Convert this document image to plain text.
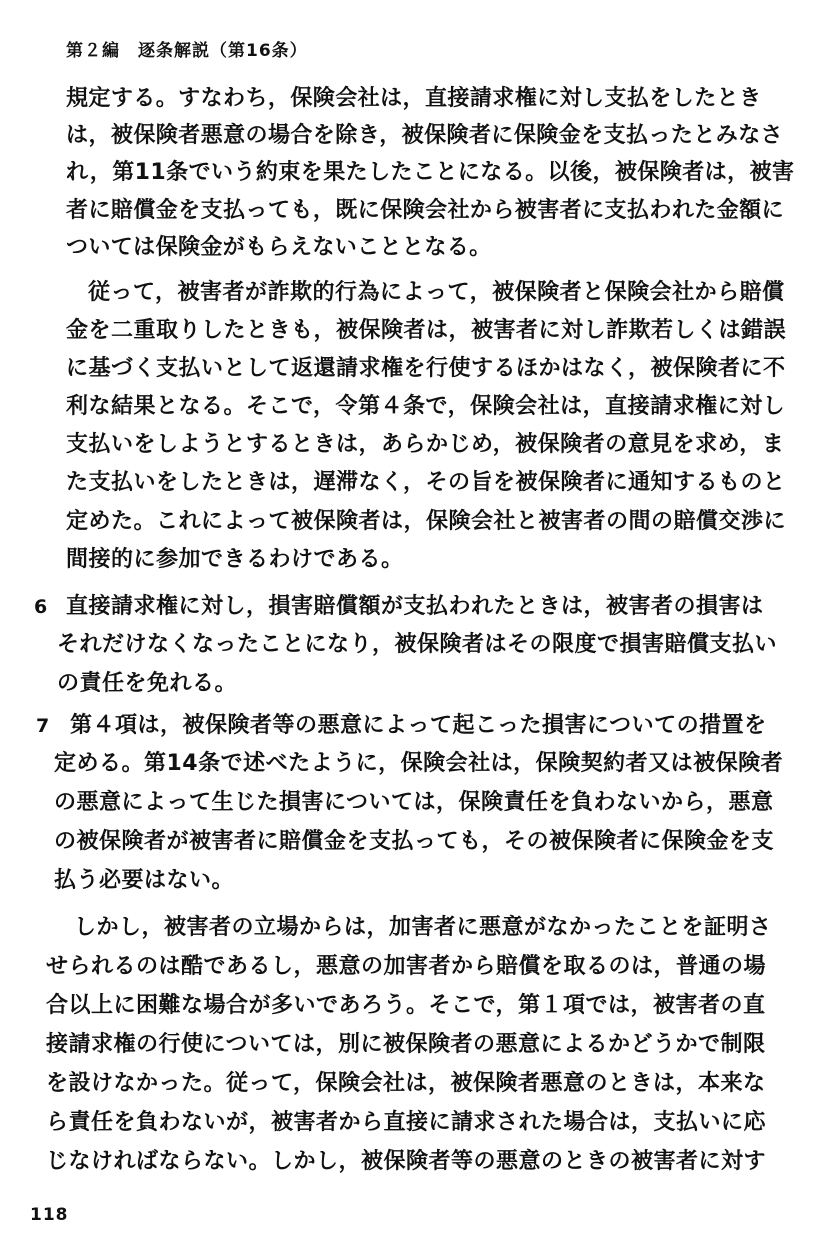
第２編 逐条解説（第16条）
規定する。すなわち，保険会社は，直接請求権に対し支払をしたとき
は，被保険者悪意の場合を除き，被保険者に保険金を支払ったとみなさ
れ，第11条でいう約束を果たしたことになる。以後，被保険者は，被害
者に賠償金を支払っても，既に保険会社から被害者に支払われた金額に
ついては保険金がもらえないこととなる。
従って，被害者が詐欺的行為によって，被保険者と保険会社から賠償
金を二重取りしたときも，被保険者は，被害者に対し詐欺若しくは錯誤
に基づく支払いとして返還請求権を行使するほかはなく，被保険者に不
利な結果となる。そこで，令第４条で，保険会社は，直接請求権に対し
支払いをしようとするときは，あらかじめ，被保険者の意見を求め，ま
た支払いをしたときは，遅滞なく，その旨を被保険者に通知するものと
定めた。これによって被保険者は，保険会社と被害者の間の賠償交渉に
間接的に参加できるわけである。
6 直接請求権に対し，損害賠償額が支払われたときは，被害者の損害は
それだけなくなったことになり，被保険者はその限度で損害賠償支払い
の責任を免れる。
7 第４項は，被保険者等の悪意によって起こった損害についての措置を
定める。第14条で述べたように，保険会社は，保険契約者又は被保険者
の悪意によって生じた損害については，保険責任を負わないから，悪意
の被保険者が被害者に賠償金を支払っても，その被保険者に保険金を支
払う必要はない。
しかし，被害者の立場からは，加害者に悪意がなかったことを証明さ
せられるのは酷であるし，悪意の加害者から賠償を取るのは，普通の場
合以上に困難な場合が多いであろう。そこで，第１項では，被害者の直
接請求権の行使については，別に被保険者の悪意によるかどうかで制限
を設けなかった。従って，保険会社は，被保険者悪意のときは，本来な
ら責任を負わないが，被害者から直接に請求された場合は，支払いに応
じなければならない。しかし，被保険者等の悪意のときの被害者に対す
118
